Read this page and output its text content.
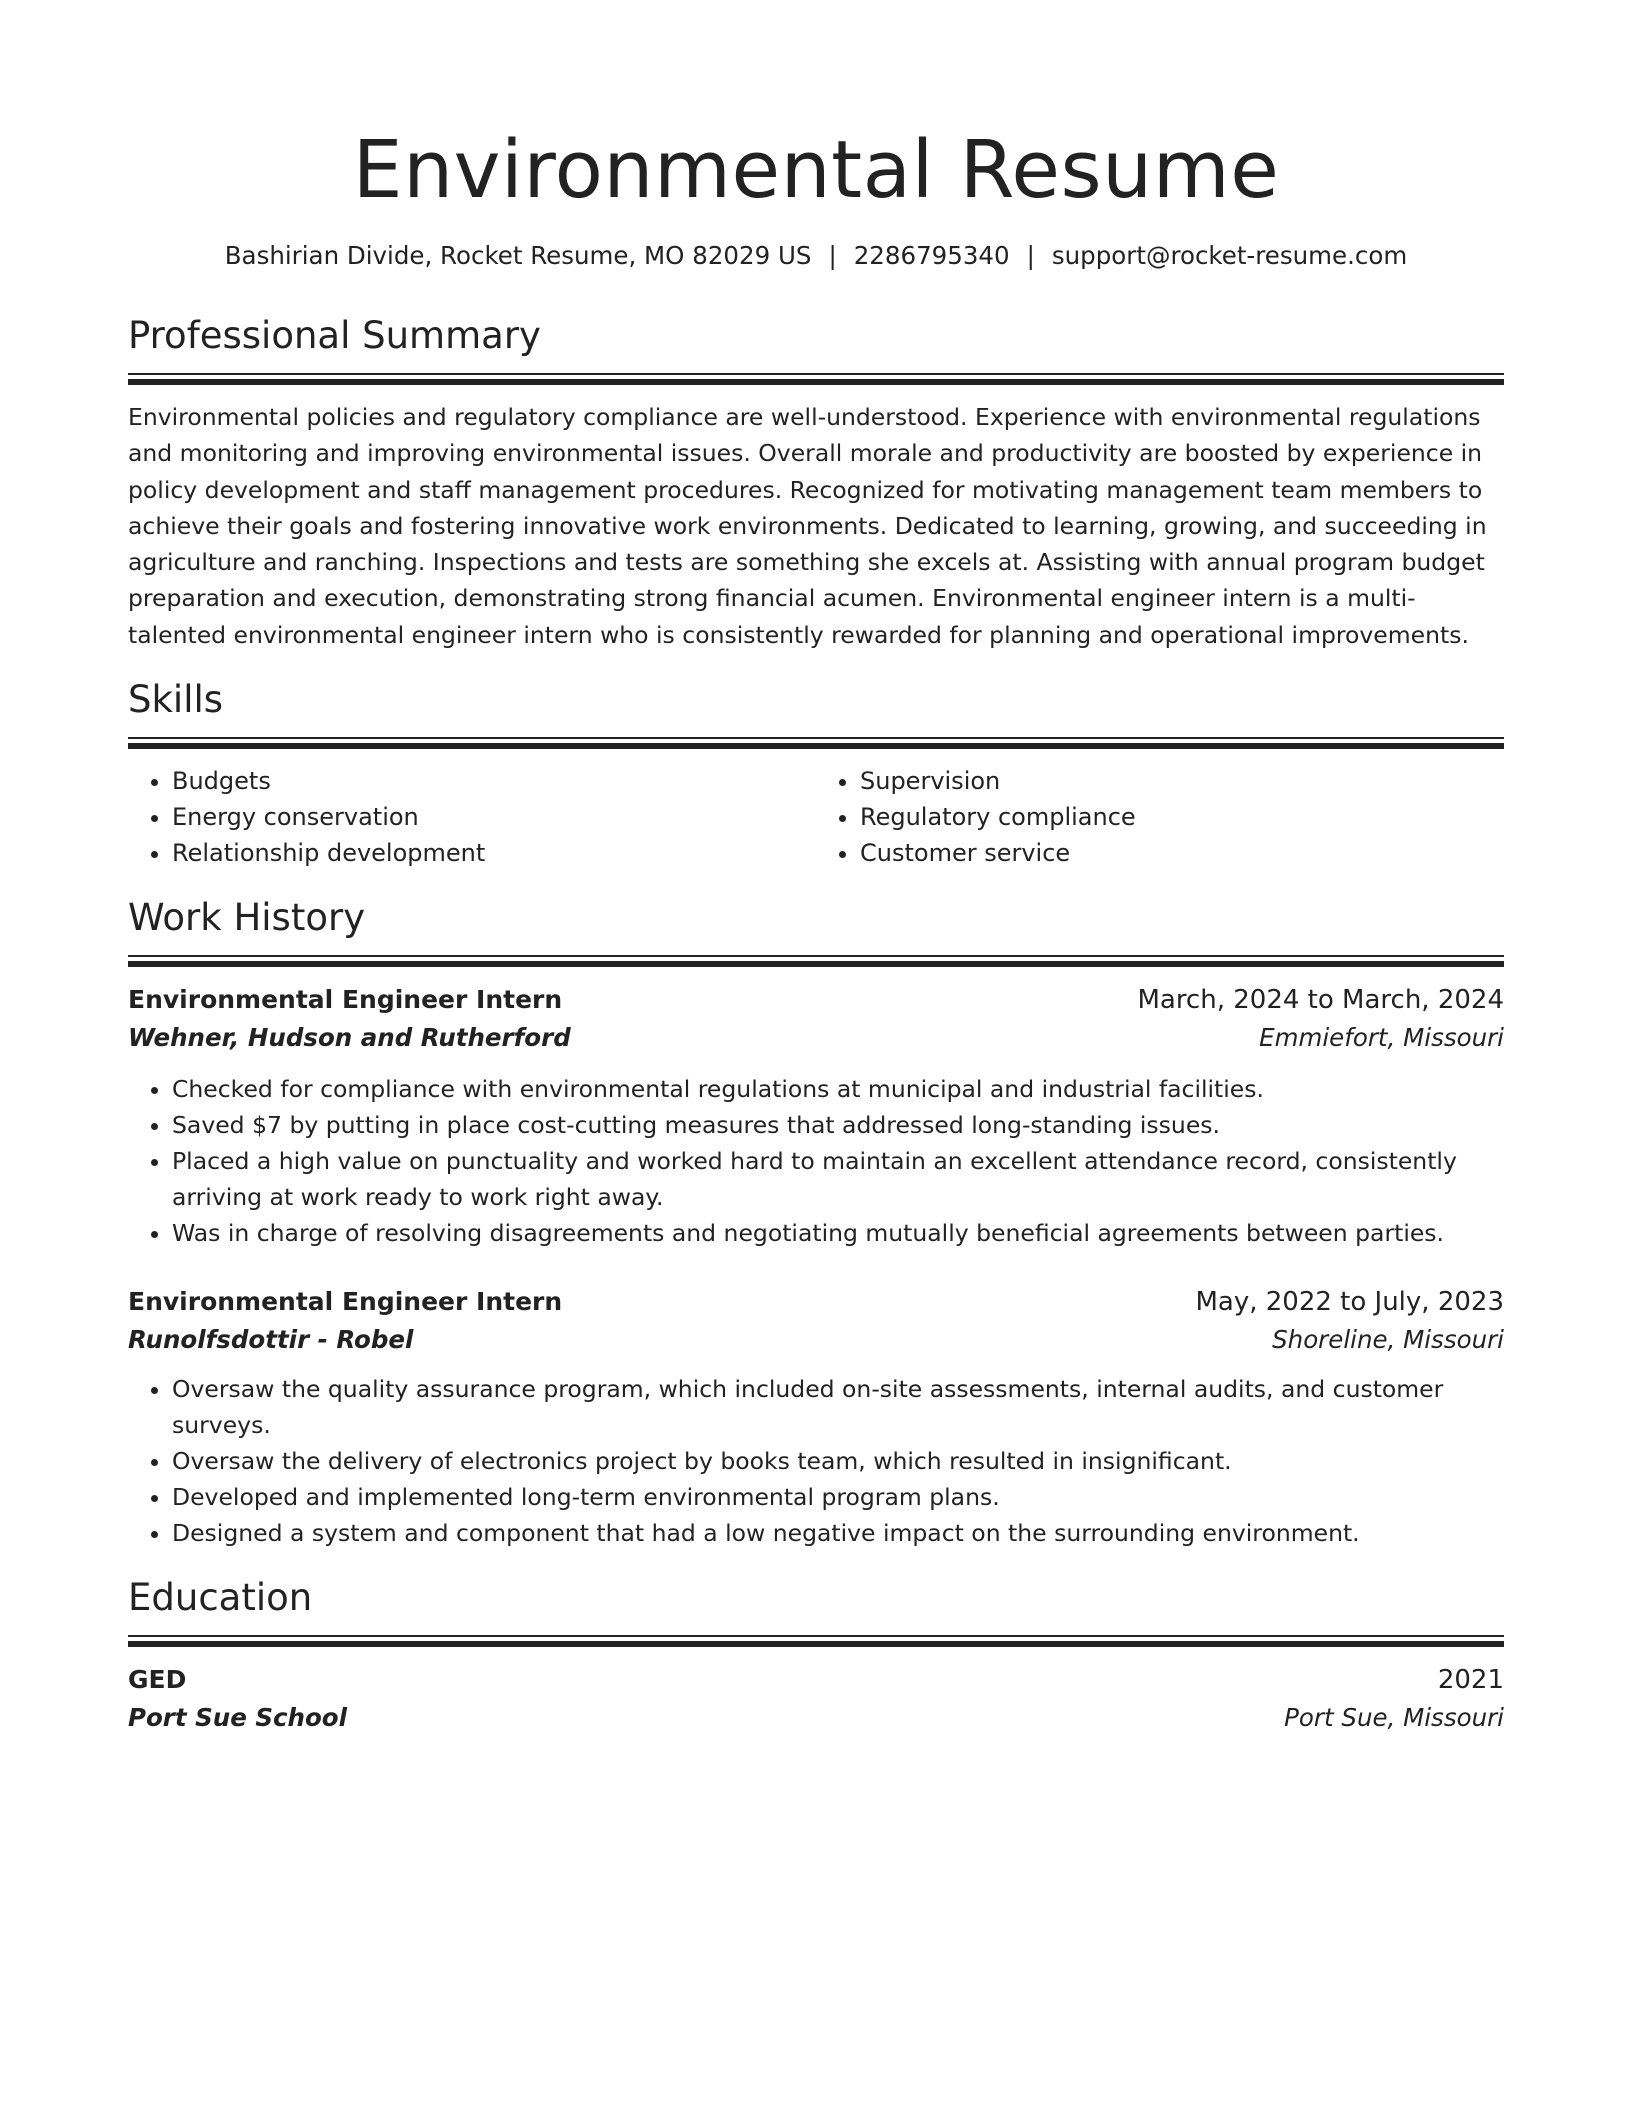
Environmental Resume
Bashirian Divide, Rocket Resume, MO 82029 US | 2286795340 | support@rocket-resume.com
Professional Summary

Environmental policies and regulatory compliance are well-understood. Experience with environmental regulations and monitoring and improving environmental issues. Overall morale and productivity are boosted by experience in policy development and staff management procedures. Recognized for motivating management team members to achieve their goals and fostering innovative work environments. Dedicated to learning, growing, and succeeding in agriculture and ranching. Inspections and tests are something she excels at. Assisting with annual program budget preparation and execution, demonstrating strong financial acumen. Environmental engineer intern is a multi-talented environmental engineer intern who is consistently rewarded for planning and operational improvements.

Skills
• Budgets
• Energy conservation
• Relationship development
• Supervision
• Regulatory compliance
• Customer service
Work History
Environmental Engineer Intern	March, 2024 to March, 2024
Wehner, Hudson and Rutherford	Emmiefort, Missouri
• Checked for compliance with environmental regulations at municipal and industrial facilities.
• Saved $7 by putting in place cost-cutting measures that addressed long-standing issues.
• Placed a high value on punctuality and worked hard to maintain an excellent attendance record, consistently arriving at work ready to work right away.
• Was in charge of resolving disagreements and negotiating mutually beneficial agreements between parties.
Environmental Engineer Intern	May, 2022 to July, 2023
Runolfsdottir - Robel	Shoreline, Missouri
• Oversaw the quality assurance program, which included on-site assessments, internal audits, and customer surveys.
• Oversaw the delivery of electronics project by books team, which resulted in insignificant.
• Developed and implemented long-term environmental program plans.
• Designed a system and component that had a low negative impact on the surrounding environment.
Education
GED	2021
Port Sue School	Port Sue, Missouri
